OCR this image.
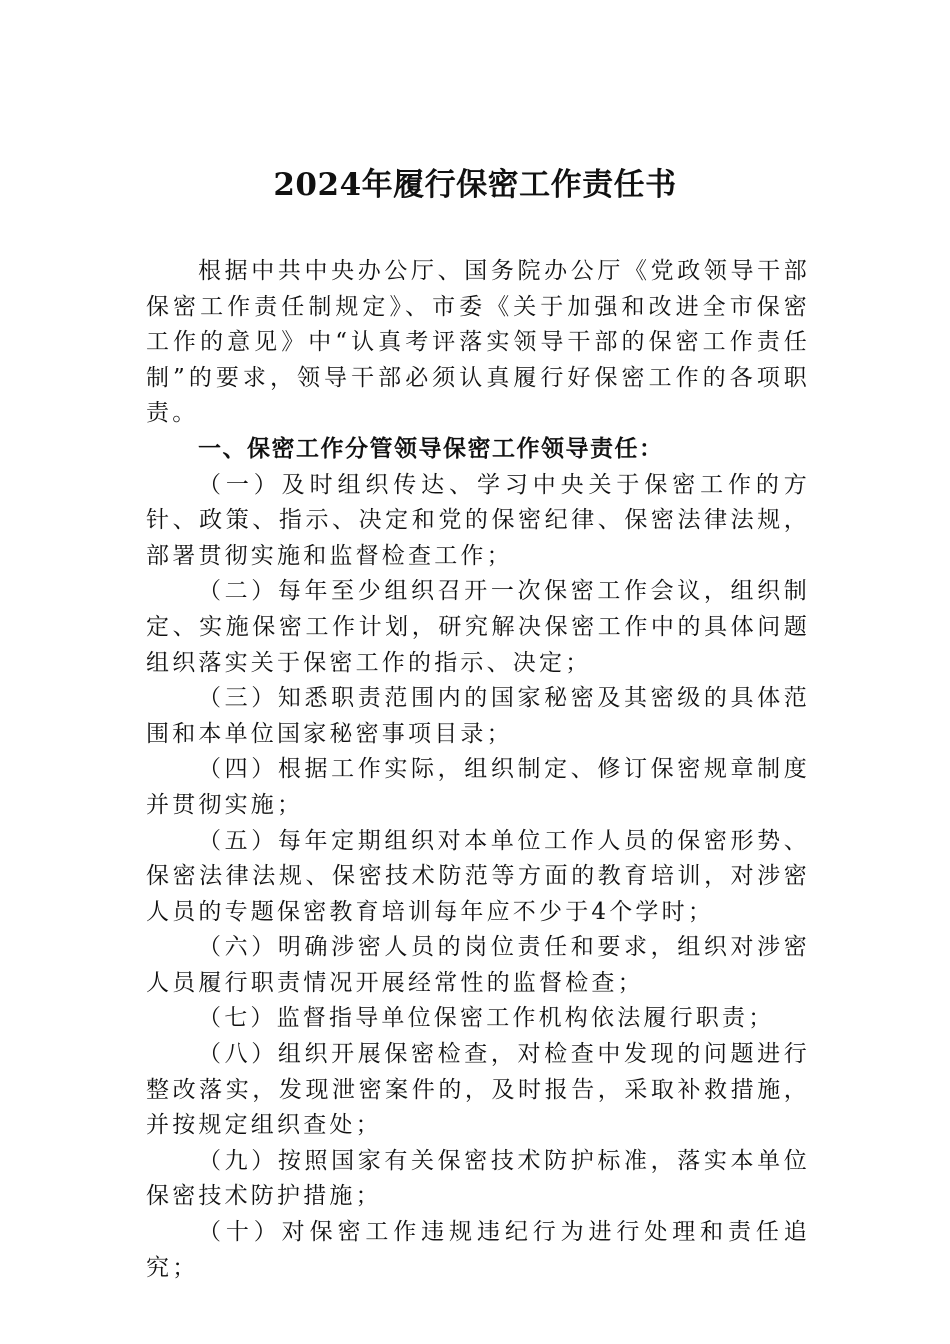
2024年履行保密工作责任书

根据中共中央办公厅、国务院办公厅《党政领导干部保密工作责任制规定》、市委《关于加强和改进全市保密工作的意见》中“认真考评落实领导干部的保密工作责任制”的要求，领导干部必须认真履行好保密工作的各项职责。

一、保密工作分管领导保密工作领导责任：

（一）及时组织传达、学习中央关于保密工作的方针、政策、指示、决定和党的保密纪律、保密法律法规，部署贯彻实施和监督检查工作；

（二）每年至少组织召开一次保密工作会议，组织制定、实施保密工作计划，研究解决保密工作中的具体问题组织落实关于保密工作的指示、决定；

（三）知悉职责范围内的国家秘密及其密级的具体范围和本单位国家秘密事项目录；

（四）根据工作实际，组织制定、修订保密规章制度并贯彻实施；

（五）每年定期组织对本单位工作人员的保密形势、保密法律法规、保密技术防范等方面的教育培训，对涉密人员的专题保密教育培训每年应不少于4个学时；

（六）明确涉密人员的岗位责任和要求，组织对涉密人员履行职责情况开展经常性的监督检查；

（七）监督指导单位保密工作机构依法履行职责；

（八）组织开展保密检查，对检查中发现的问题进行整改落实，发现泄密案件的，及时报告，采取补救措施，并按规定组织查处；

（九）按照国家有关保密技术防护标准，落实本单位保密技术防护措施；

（十）对保密工作违规违纪行为进行处理和责任追究；
